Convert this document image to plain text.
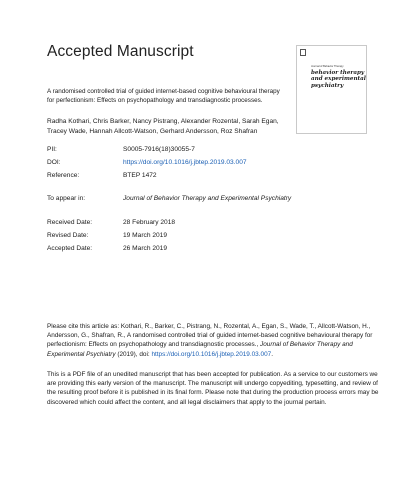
Accepted Manuscript
Journal of Behavior Therapy
behavior therapy and experimental psychiatry
A randomised controlled trial of guided internet-based cognitive behavioural therapy for perfectionism: Effects on psychopathology and transdiagnostic processes.
Radha Kothari, Chris Barker, Nancy Pistrang, Alexander Rozental, Sarah Egan, Tracey Wade, Hannah Allcott-Watson, Gerhard Andersson, Roz Shafran
PII:	S0005-7916(18)30055-7
DOI:	https://doi.org/10.1016/j.jbtep.2019.03.007
Reference:	BTEP 1472
To appear in:	Journal of Behavior Therapy and Experimental Psychiatry
Received Date:	28 February 2018
Revised Date:	19 March 2019
Accepted Date:	26 March 2019
Please cite this article as: Kothari, R., Barker, C., Pistrang, N., Rozental, A., Egan, S., Wade, T., Allcott-Watson, H., Andersson, G., Shafran, R., A randomised controlled trial of guided internet-based cognitive behavioural therapy for perfectionism: Effects on psychopathology and transdiagnostic processes., Journal of Behavior Therapy and Experimental Psychiatry (2019), doi: https://doi.org/10.1016/j.jbtep.2019.03.007.
This is a PDF file of an unedited manuscript that has been accepted for publication. As a service to our customers we are providing this early version of the manuscript. The manuscript will undergo copyediting, typesetting, and review of the resulting proof before it is published in its final form. Please note that during the production process errors may be discovered which could affect the content, and all legal disclaimers that apply to the journal pertain.
